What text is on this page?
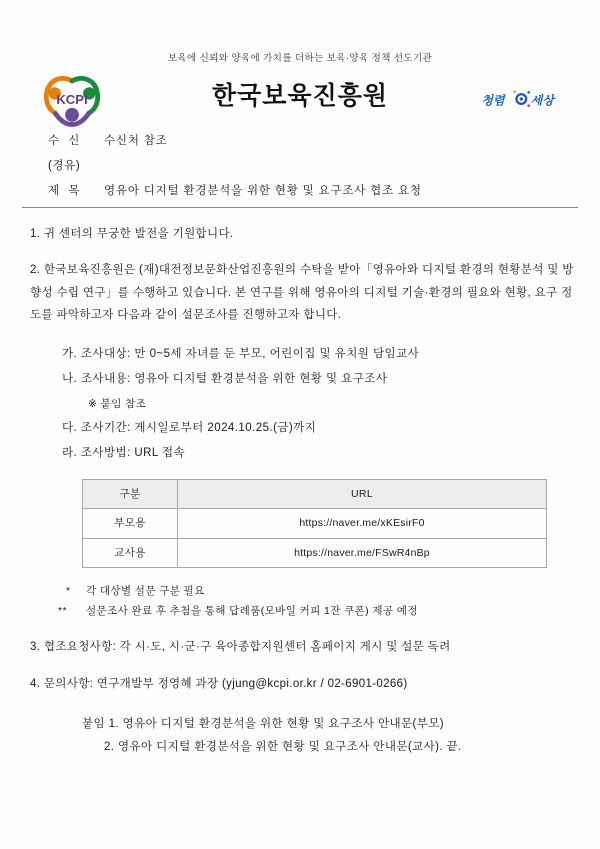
보육에 신뢰와 양육에 가치를 더하는 보육·양육 정책 선도기관
KCPI	한국보육진흥원	청렴 세상
수 신	수신처 참조
(경유)
제 목	영유아 디지털 환경분석을 위한 현황 및 요구조사 협조 요청

1. 귀 센터의 무궁한 발전을 기원합니다.

2. 한국보육진흥원은 (재)대전정보문화산업진흥원의 수탁을 받아「영유아와 디지털 환경의 현황분석 및 방향성 수립 연구」를 수행하고 있습니다. 본 연구를 위해 영유아의 디지털 기술·환경의 필요와 현황, 요구 정도를 파악하고자 다음과 같이 설문조사를 진행하고자 합니다.

가. 조사대상: 만 0~5세 자녀를 둔 부모, 어린이집 및 유치원 담임교사
나. 조사내용: 영유아 디지털 환경분석을 위한 현황 및 요구조사
※ 붙임 참조
다. 조사기간: 게시일로부터 2024.10.25.(금)까지
라. 조사방법: URL 접속
구분	URL
부모용	https://naver.me/xKEsirF0
교사용	https://naver.me/FSwR4nBp
*	각 대상별 설문 구분 필요
**	설문조사 완료 후 추첨을 통해 답례품(모바일 커피 1잔 쿠폰) 제공 예정

3. 협조요청사항: 각 시·도, 시·군·구 육아종합지원센터 홈페이지 게시 및 설문 독려

4. 문의사항: 연구개발부 정영혜 과장 (yjung@kcpi.or.kr / 02-6901-0266)

붙임 1. 영유아 디지털 환경분석을 위한 현황 및 요구조사 안내문(부모)
2. 영유아 디지털 환경분석을 위한 현황 및 요구조사 안내문(교사). 끝.
